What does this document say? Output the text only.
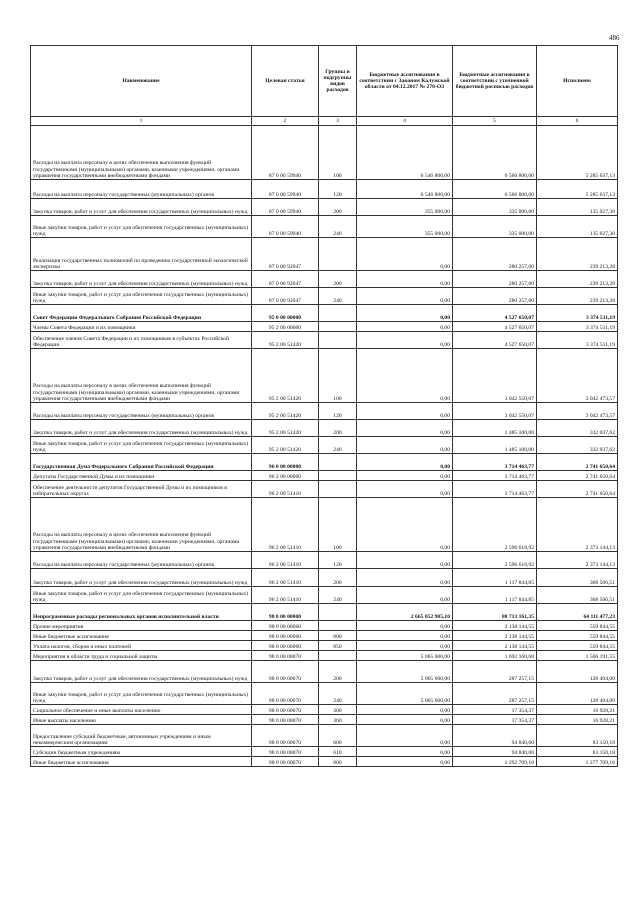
486
Наименование	Целевая статья	Группы и подгруппы видов расходов	Бюджетные ассигнования в соответствии с Законом Калужской области от 04.12.2017 № 278-ОЗ	Бюджетные ассигнования в соответствии с уточненной бюджетной росписью расходов	Исполнено
1	2	3	4	5	6
Расходы на выплаты персоналу в целях обеспечения выполнения функций государственными (муниципальными) органами, казенными учреждениями, органами управления государственными внебюджетными фондами	87 0 00 59940	100	6 546 800,00	6 566 800,00	5 285 637,13
Расходы на выплаты персоналу государственных (муниципальных) органов	87 0 00 59940	120	6 546 800,00	6 566 800,00	5 285 637,13
Закупка товаров, работ и услуг для обеспечения государственных (муниципальных) нужд	87 0 00 59940	200	355 000,00	335 000,00	135 027,30
Иные закупки товаров, работ и услуг для обеспечения государственных (муниципальных) нужд	87 0 00 59940	240	355 000,00	335 000,00	135 027,30
Реализация государственных полномочий по проведению государственной экологической экспертизы	87 0 00 92047		0,00	280 257,00	239 213,28
Закупка товаров, работ и услуг для обеспечения государственных (муниципальных) нужд	87 0 00 92047	200	0,00	280 257,00	239 213,28
Иные закупки товаров, работ и услуг для обеспечения государственных (муниципальных) нужд	87 0 00 92047	240	0,00	280 257,00	239 213,28
Совет Федерации Федерального Собрания Российской Федерации	95 0 00 00000		0,00	4 527 650,07	3 374 511,19
Члены Совета Федерации и их помощники	95 2 00 00000		0,00	4 527 650,07	3 374 511,19
Обеспечение членов Совета Федерации и их помощников в субъектах Российской Федерации	95 2 00 51420		0,00	4 527 650,07	3 374 511,19
Расходы на выплаты персоналу в целях обеспечения выполнения функций государственными (муниципальными) органами, казенными учреждениями, органами управления государственными внебюджетными фондами	95 2 00 51420	100	0,00	3 042 550,07	3 042 473,57
Расходы на выплаты персоналу государственных (муниципальных) органов	95 2 00 51420	120	0,00	3 042 550,07	3 042 473,57
Закупка товаров, работ и услуг для обеспечения государственных (муниципальных) нужд	95 2 00 51420	200	0,00	1 485 100,00	332 037,62
Иные закупки товаров, работ и услуг для обеспечения государственных (муниципальных) нужд	95 2 00 51420	240	0,00	1 485 100,00	332 037,62
Государственная Дума Федерального Собрания Российской Федерации	96 0 00 00000		0,00	3 714 463,77	2 741 650,64
Депутаты Государственной Думы и их помощники	96 2 00 00000		0,00	3 714 463,77	2 741 650,64
Обеспечение деятельности депутатов Государственной Думы и их помощников в избирательных округах	96 2 00 51410		0,00	3 714 463,77	2 741 650,64
Расходы на выплаты персоналу в целях обеспечения выполнения функций государственными (муниципальными) органами, казенными учреждениями, органами управления государственными внебюджетными фондами	96 2 00 51410	100	0,00	2 596 618,92	2 373 144,13
Расходы на выплаты персоналу государственных (муниципальных) органов	96 2 00 51410	120	0,00	2 596 618,92	2 373 144,13
Закупка товаров, работ и услуг для обеспечения государственных (муниципальных) нужд	96 2 00 51410	200	0,00	1 117 844,85	368 506,51
Иные закупки товаров, работ и услуг для обеспечения государственных (муниципальных) нужд	96 2 00 51410	240	0,00	1 117 844,85	368 506,51
Непрограммные расходы региональных органов исполнительной власти	98 0 00 00000		2 665 052 985,10	80 713 161,35	64 111 477,23
Прочие мероприятия	98 0 00 00060		0,00	2 138 144,55	559 844,55
Иные бюджетные ассигнования	98 0 00 00060	800	0,00	2 138 144,55	559 844,55
Уплата налогов, сборов и иных платежей	98 0 00 00060	850	0,00	2 138 144,55	559 844,55
Мероприятия в области труда и социальной защиты	98 0 00 00070		5 065 600,00	1 692 160,68	1 506 191,55
Закупка товаров, работ и услуг для обеспечения государственных (муниципальных) нужд	98 0 00 00070	200	5 065 600,00	287 257,15	128 404,00
Иные закупки товаров, работ и услуг для обеспечения государственных (муниципальных) нужд	98 0 00 00070	240	5 065 600,00	287 257,15	128 404,00
Социальное обеспечение и иные выплаты населению	98 0 00 00070	300	0,00	17 354,37	16 928,21
Иные выплаты населению	98 0 00 00070	360	0,00	17 354,37	16 928,21
Предоставление субсидий бюджетным, автономным учреждениям и иным некоммерческим организациям	98 0 00 00070	600	0,00	94 840,00	83 150,18
Субсидии бюджетным учреждениям	98 0 00 00070	610	0,00	94 840,00	83 150,18
Иные бюджетные ассигнования	98 0 00 00070	800	0,00	1 292 709,16	1 277 709,16
